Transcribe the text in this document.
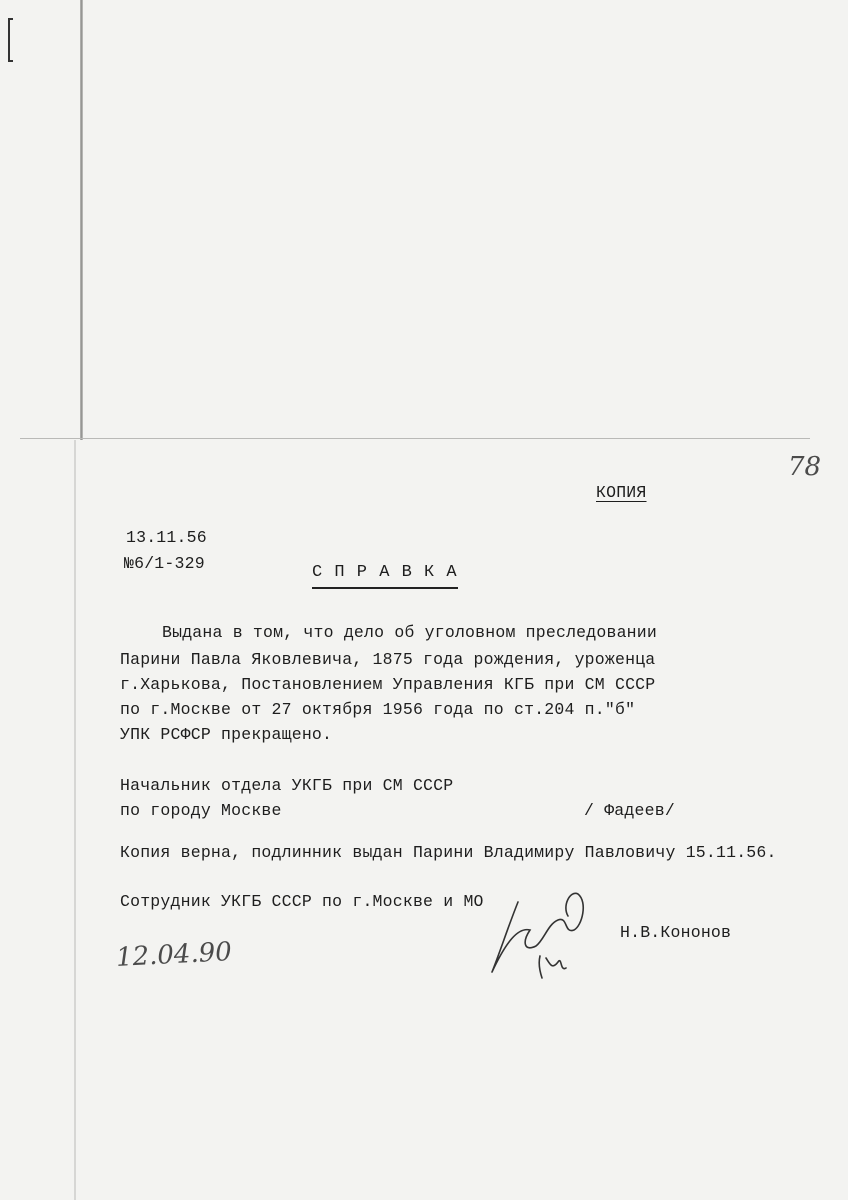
78
КОПИЯ
13.11.56
№6/1-329	С П Р А В К А
Выдана в том, что дело об уголовном преследовании
Парини Павла Яковлевича, 1875 года рождения, уроженца
г.Харькова, Постановлением Управления КГБ при СМ СССР
по г.Москве от 27 октября 1956 года по ст.204 п."б"
УПК РСФСР прекращено.
Начальник отдела УКГБ при СМ СССР
по городу Москве	/ Фадеев/
Копия верна, подлинник выдан Парини Владимиру Павловичу 15.11.56.
Сотрудник УКГБ СССР по г.Москве и МО
Н.В.Кононов
12.04.90
